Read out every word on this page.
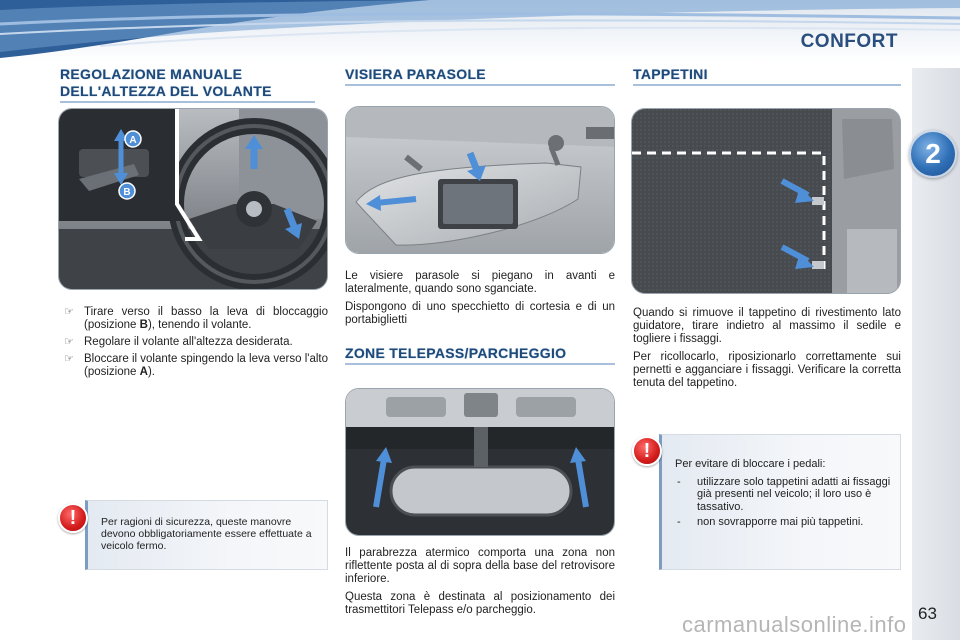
CONFORT
2
63
REGOLAZIONE MANUALE
DELL'ALTEZZA DEL VOLANTE
A
B
☞ Tirare verso il basso la leva di bloccaggio (posizione B), tenendo il volante.
☞ Regolare il volante all'altezza desiderata.
☞ Bloccare il volante spingendo la leva verso l'alto (posizione A).
Per ragioni di sicurezza, queste manovre devono obbligatoriamente essere effettuate a veicolo fermo.
!
VISIERA PARASOLE

Le visiere parasole si piegano in avanti e lateralmente, quando sono sganciate.

Dispongono di uno specchietto di cortesia e di un portabiglietti

ZONE TELEPASS/PARCHEGGIO

Il parabrezza atermico comporta una zona non riflettente posta al di sopra della base del retrovisore inferiore.

Questa zona è destinata al posizionamento dei trasmettitori Telepass e/o parcheggio.

TAPPETINI

Quando si rimuove il tappetino di rivestimento lato guidatore, tirare indietro al massimo il sedile e togliere i fissaggi.

Per ricollocarlo, riposizionarlo correttamente sui pernetti e agganciare i fissaggi. Verificare la corretta tenuta del tappetino.

Per evitare di bloccare i pedali:
- utilizzare solo tappetini adatti ai fissaggi già presenti nel veicolo; il loro uso è tassativo.
- non sovrapporre mai più tappetini.
!
carmanualsonline.info
